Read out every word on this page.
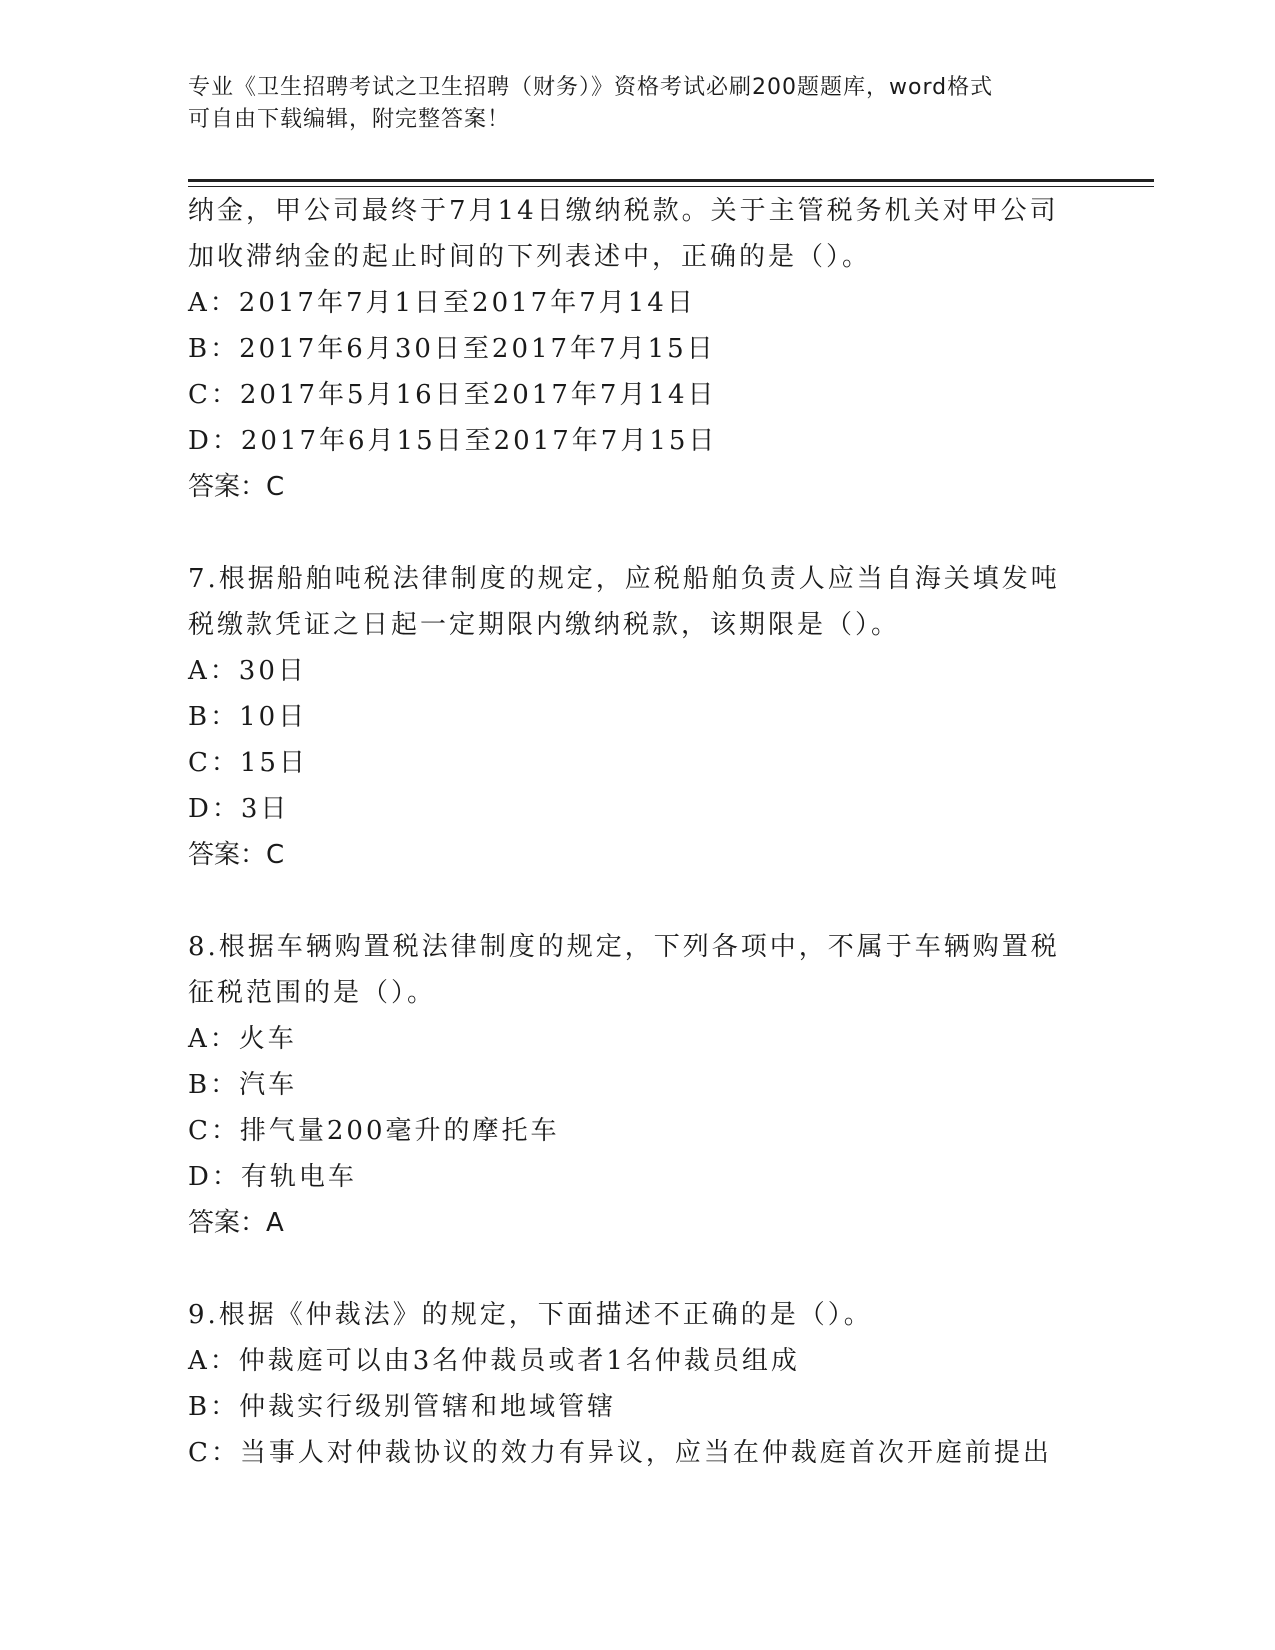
专业《卫生招聘考试之卫生招聘（财务）》资格考试必刷200题题库，word格式
可自由下载编辑，附完整答案！
纳金，甲公司最终于7月14日缴纳税款。关于主管税务机关对甲公司
加收滞纳金的起止时间的下列表述中，正确的是（）。
A：2017年7月1日至2017年7月14日
B：2017年6月30日至2017年7月15日
C：2017年5月16日至2017年7月14日
D：2017年6月15日至2017年7月15日
答案：C
7.根据船舶吨税法律制度的规定，应税船舶负责人应当自海关填发吨
税缴款凭证之日起一定期限内缴纳税款，该期限是（）。
A：30日
B：10日
C：15日
D：3日
答案：C
8.根据车辆购置税法律制度的规定，下列各项中，不属于车辆购置税
征税范围的是（）。
A：火车
B：汽车
C：排气量200毫升的摩托车
D：有轨电车
答案：A
9.根据《仲裁法》的规定，下面描述不正确的是（）。
A：仲裁庭可以由3名仲裁员或者1名仲裁员组成
B：仲裁实行级别管辖和地域管辖
C：当事人对仲裁协议的效力有异议，应当在仲裁庭首次开庭前提出
